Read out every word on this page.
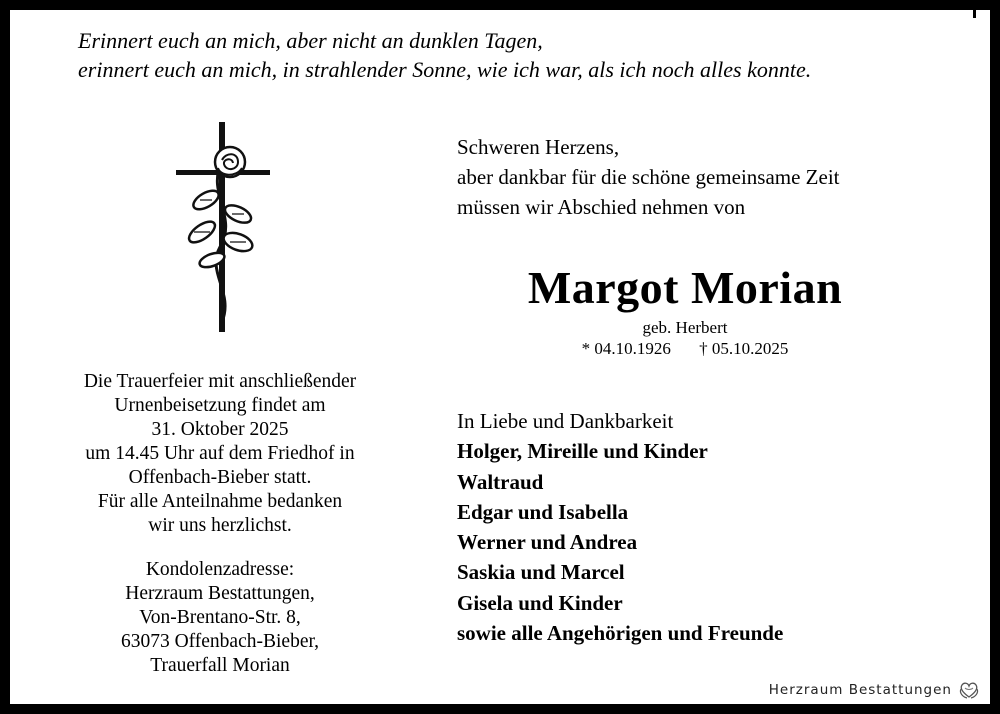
Erinnert euch an mich, aber nicht an dunklen Tagen,
erinnert euch an mich, in strahlender Sonne, wie ich war, als ich noch alles konnte.
Die Trauerfeier mit anschließender
Urnenbeisetzung findet am
31. Oktober 2025
um 14.45 Uhr auf dem Friedhof in
Offenbach-Bieber statt.
Für alle Anteilnahme bedanken
wir uns herzlichst.
Kondolenzadresse:
Herzraum Bestattungen,
Von-Brentano-Str. 8,
63073 Offenbach-Bieber,
Trauerfall Morian
Schweren Herzens,
aber dankbar für die schöne gemeinsame Zeit
müssen wir Abschied nehmen von
Margot Morian
geb. Herbert
* 04.10.1926 † 05.10.2025
In Liebe und Dankbarkeit
Holger, Mireille und Kinder
Waltraud
Edgar und Isabella
Werner und Andrea
Saskia und Marcel
Gisela und Kinder
sowie alle Angehörigen und Freunde
Herzraum Bestattungen
